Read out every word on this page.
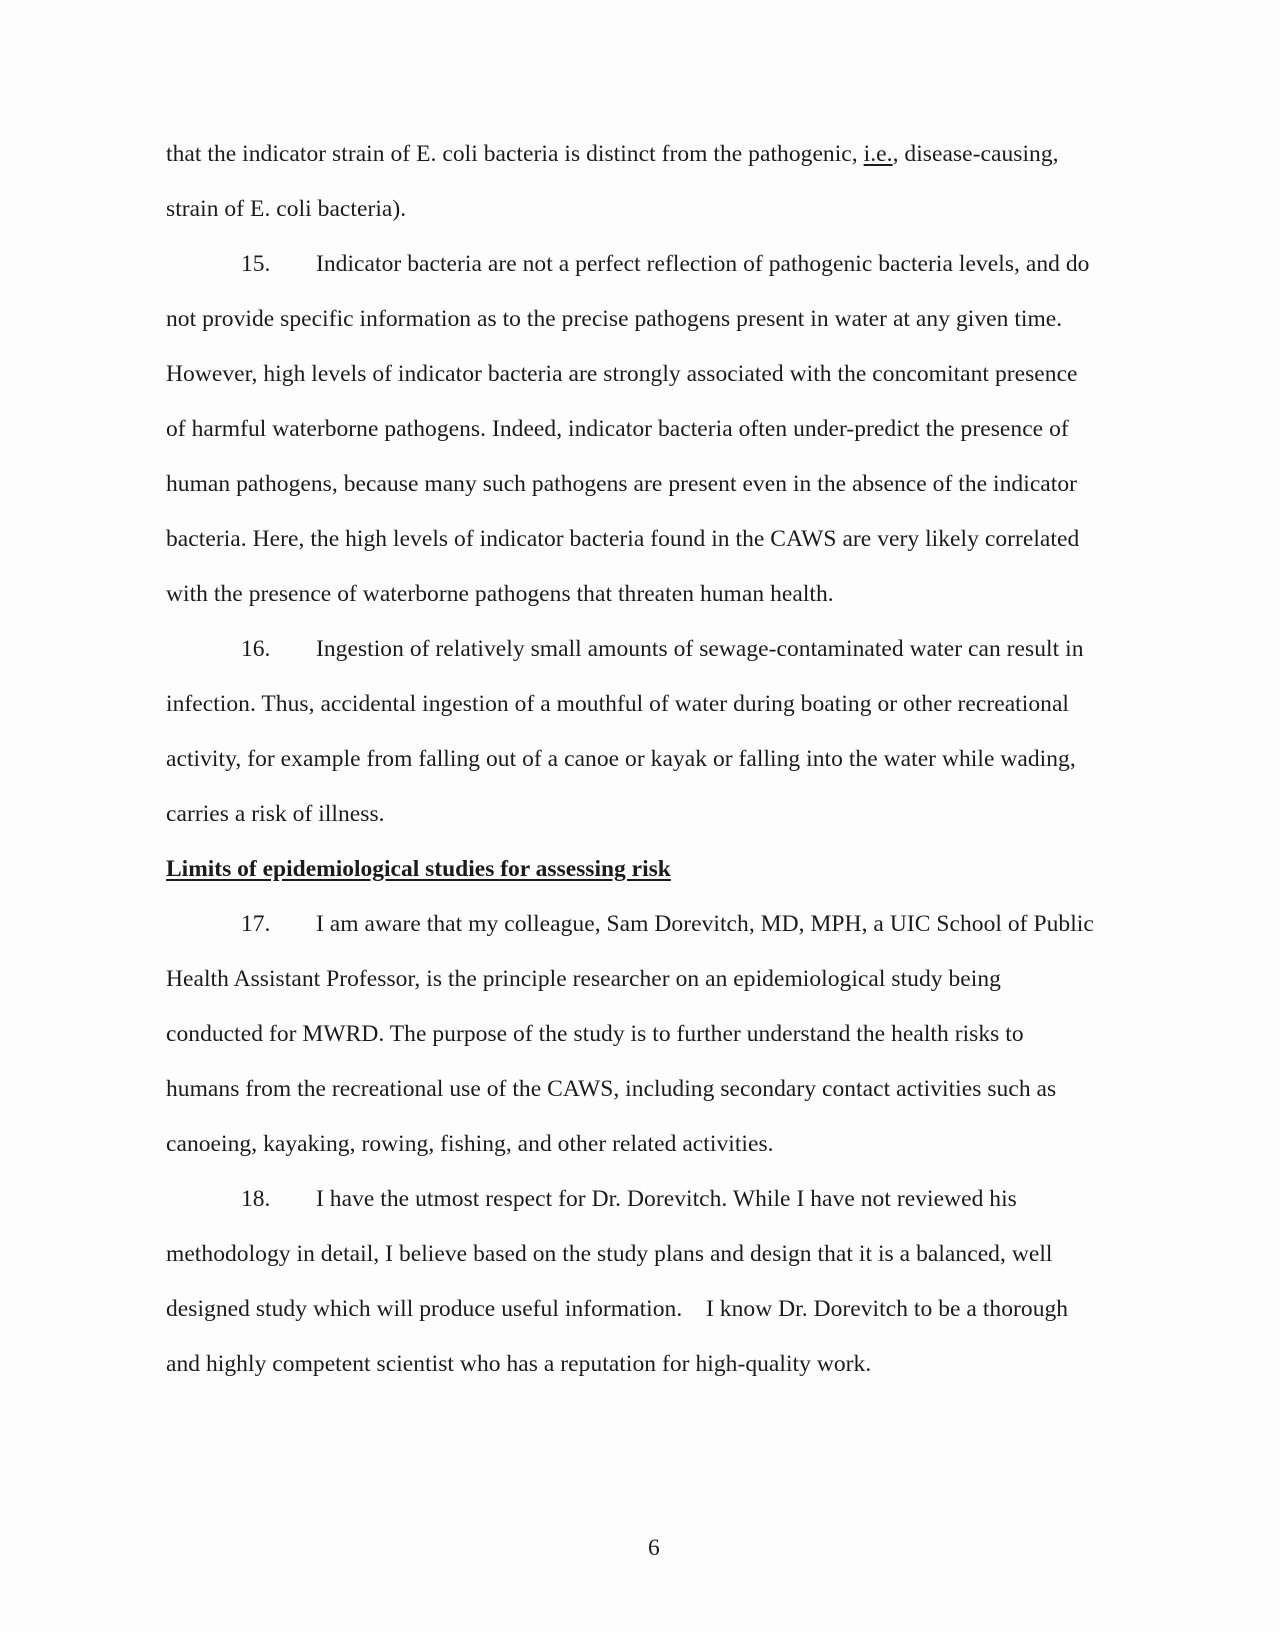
that the indicator strain of E. coli bacteria is distinct from the pathogenic, i.e., disease-causing,
strain of E. coli bacteria).
15. Indicator bacteria are not a perfect reflection of pathogenic bacteria levels, and do
not provide specific information as to the precise pathogens present in water at any given time.
However, high levels of indicator bacteria are strongly associated with the concomitant presence
of harmful waterborne pathogens. Indeed, indicator bacteria often under-predict the presence of
human pathogens, because many such pathogens are present even in the absence of the indicator
bacteria. Here, the high levels of indicator bacteria found in the CAWS are very likely correlated
with the presence of waterborne pathogens that threaten human health.
16. Ingestion of relatively small amounts of sewage-contaminated water can result in
infection. Thus, accidental ingestion of a mouthful of water during boating or other recreational
activity, for example from falling out of a canoe or kayak or falling into the water while wading,
carries a risk of illness.
Limits of epidemiological studies for assessing risk
17. I am aware that my colleague, Sam Dorevitch, MD, MPH, a UIC School of Public
Health Assistant Professor, is the principle researcher on an epidemiological study being
conducted for MWRD. The purpose of the study is to further understand the health risks to
humans from the recreational use of the CAWS, including secondary contact activities such as
canoeing, kayaking, rowing, fishing, and other related activities.
18. I have the utmost respect for Dr. Dorevitch. While I have not reviewed his
methodology in detail, I believe based on the study plans and design that it is a balanced, well
designed study which will produce useful information.    I know Dr. Dorevitch to be a thorough
and highly competent scientist who has a reputation for high-quality work.
6
